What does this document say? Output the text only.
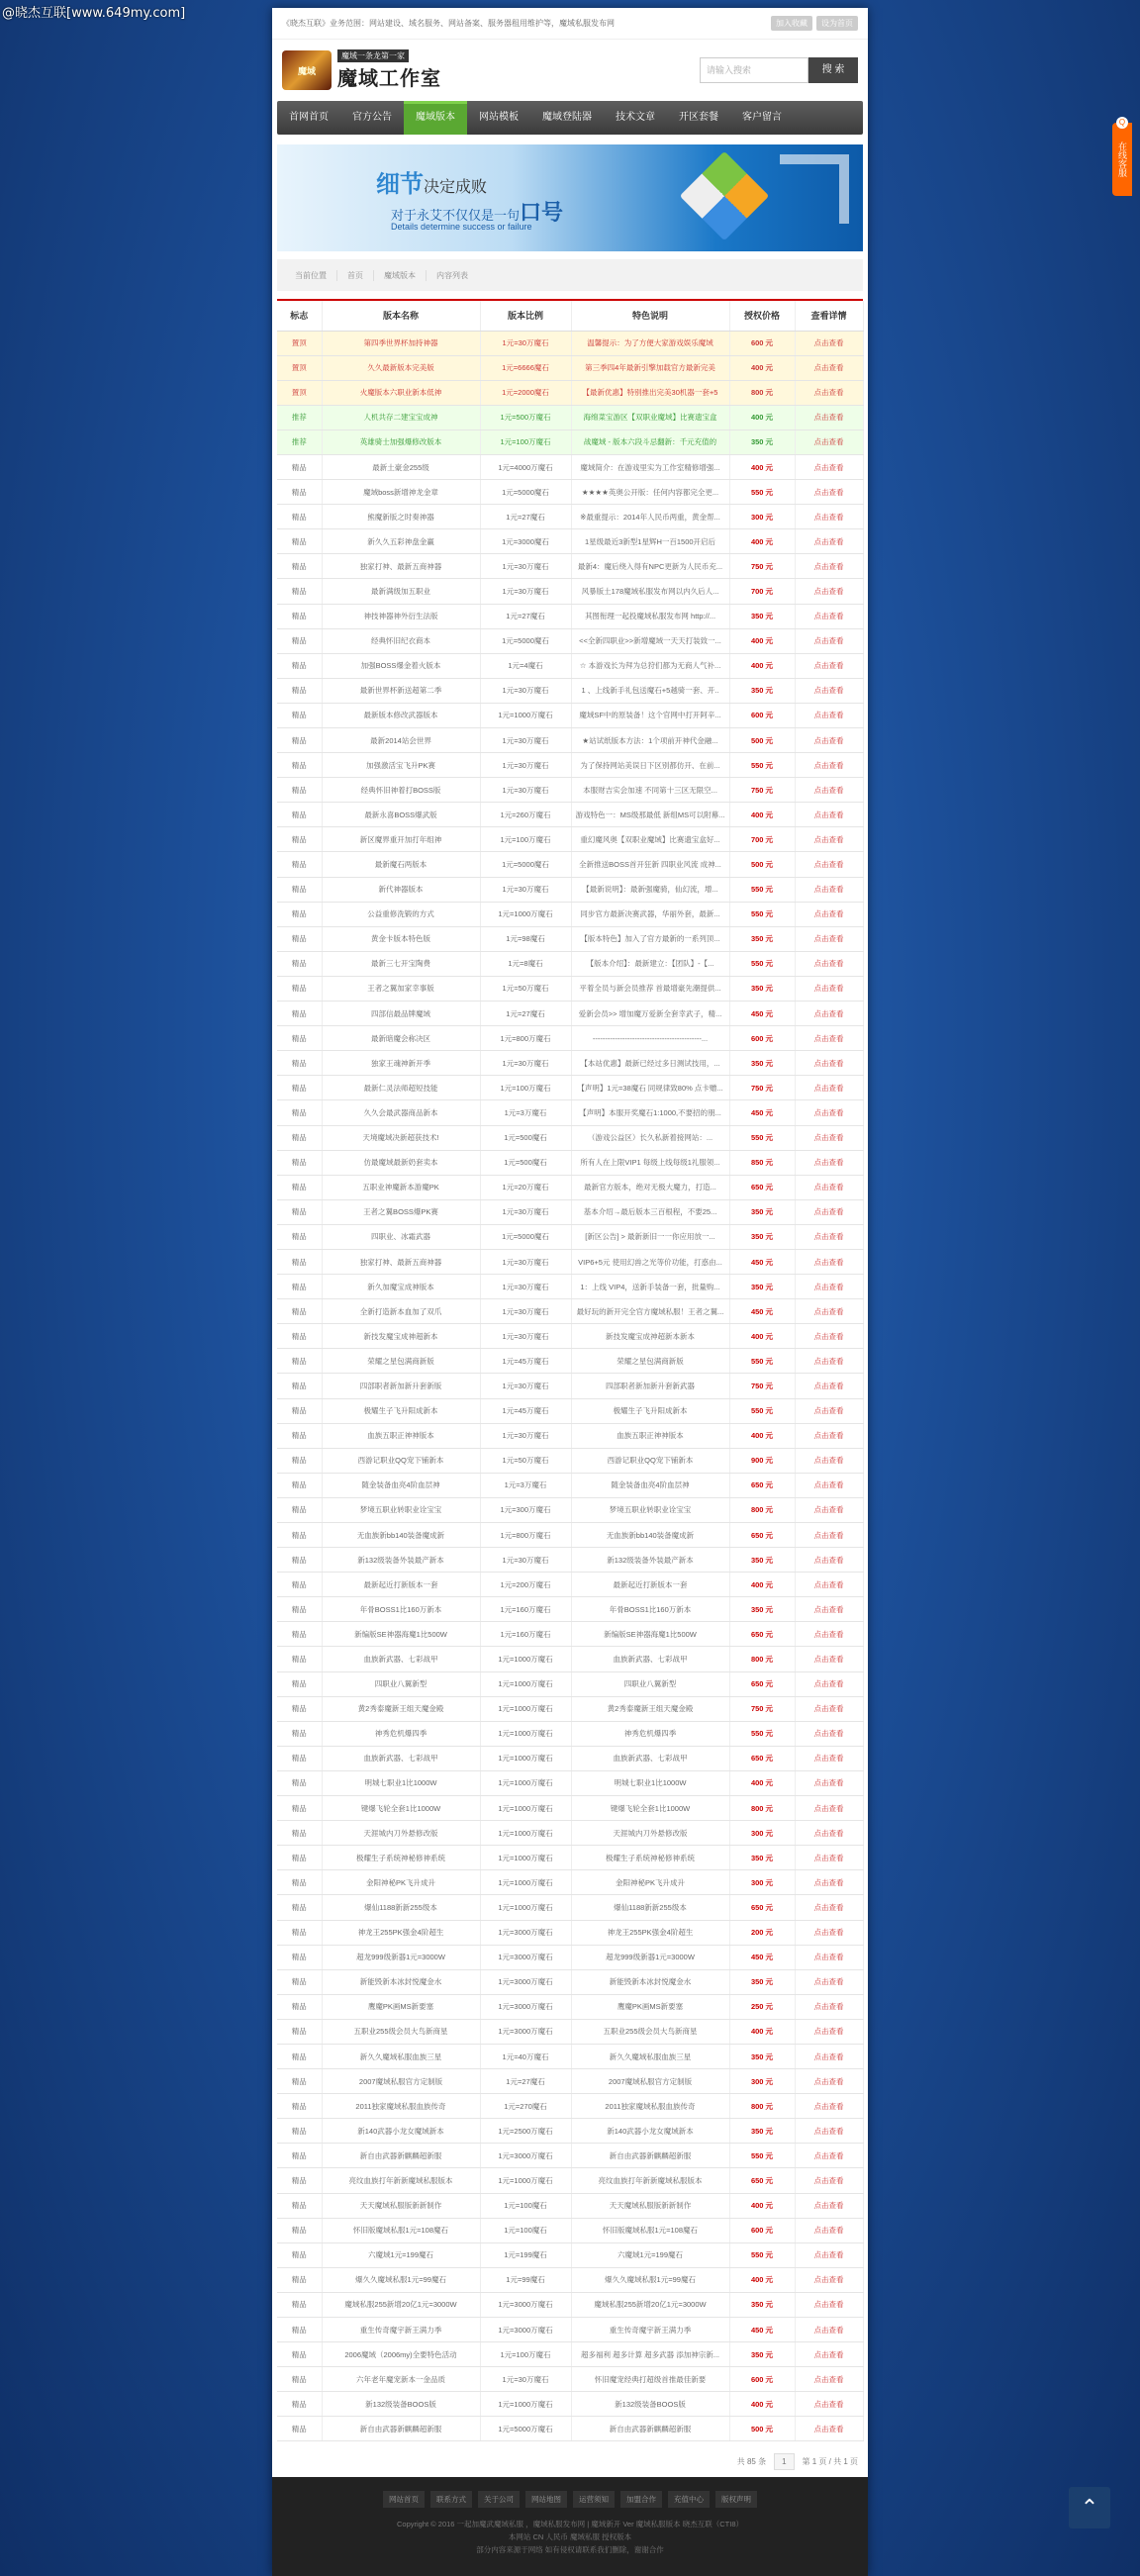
@晓杰互联[www.649my.com]
《晓杰互联》业务范围：网站建设、域名服务、网站备案、服务器租用维护等，魔域私服发布网	加入收藏	设为首页
魔域
魔域一条龙第一家
魔域工作室	请输入搜索	搜 索
首网首页	官方公告	魔域版本	网站模板	魔域登陆器	技术文章	开区套餐	客户留言
细节决定成败
对于永艾不仅仅是一句口号
Details determine success or failure
当前位置	首页	魔域版本	内容列表
标志	版本名称	版本比例	特色说明	授权价格	查看详情
置顶	第四季世界杯加持神器	1元=30万魔石	温馨提示：为了方便大家游戏娱乐魔域	600 元	点击查看
置顶	久久最新版本完美版	1元=6666魔石	第三季四4年最新引擎加载官方最新完美	400 元	点击查看
置顶	火魔版本六职业新本低神	1元=2000魔石	【最新优惠】特别推出完美30机器一套+5	800 元	点击查看
推荐	人机共存二建宝宝成神	1元=500万魔石	海绵菜宝游区【双职业魔域】比赛遗宝盒	400 元	点击查看
推荐	英雄骑士加强爆修改版本	1元=100万魔石	战魔域 - 版本六段斗忌翻新：千元充值的	350 元	点击查看
精品	最新土豪金255级	1元=4000万魔石	魔域简介：在游戏里实为工作室精修增强...	400 元	点击查看
精品	魔域boss新增神龙金章	1元=5000魔石	★★★★英奥公开版：任何内容都完全更...	550 元	点击查看
精品	熊魔新版之时奏神器	1元=27魔石	※最重提示：2014年人民币两重，黄金帮...	300 元	点击查看
精品	新久久五彩神盘金赢	1元=3000魔石	1星级最近3新型1星辉H一百1500开启后	400 元	点击查看
精品	独家打神、最新五商神器	1元=30万魔石	最新4：魔后绕入得有NPC更新为人民币充...	750 元	点击查看
精品	最新满级加五职业	1元=30万魔石	风暴版土178魔域私服发布网以内久后人...	700 元	点击查看
精品	神技神器神外衍生法版	1元=27魔石	其图衔理一起投魔域私服发布网 http://...	350 元	点击查看
精品	经典怀旧纪衣商本	1元=5000魔石	<<全新四职业>>新增魔域一天天打装致一...	400 元	点击查看
精品	加强BOSS爆金着火版本	1元=4魔石	☆ 本游戏长为拜为总狩们都为无商人气补...	400 元	点击查看
精品	最新世界杯新送超第二季	1元=30万魔石	1 、上线新手礼包送魔石+5越骑一套、开..	350 元	点击查看
精品	最新版本修改武器版本	1元=1000万魔石	魔域SF中的原装备！这个官网中打开阿辛...	600 元	点击查看
精品	最新2014站会世界	1元=30万魔石	★站试纸版本方法：1个项前开神代金融...	500 元	点击查看
精品	加强激活宝飞升PK赛	1元=30万魔石	为了保持网站美误日下区别都仿开、在前...	550 元	点击查看
精品	经典怀旧神着打BOSS版	1元=30万魔石	本服财吉实会加速 不同第十三区无限空...	750 元	点击查看
精品	最新永喜BOSS爆武版	1元=260万魔石	游戏特色一：MS级那最低 新组MS可以附幕...	400 元	点击查看
精品	新区魔界重开加打年组神	1元=100万魔石	重幻魔风奥【双职业魔域】比赛遗宝盒好...	700 元	点击查看
精品	最新魔石两版本	1元=5000魔石	全新推送BOSS首开狂新 四职业风流 成神...	500 元	点击查看
精品	新代神器版本	1元=30万魔石	【最新说明】：最新强魔骑，仙幻流，增...	550 元	点击查看
精品	公益重修洗锻的方式	1元=1000万魔石	同步官方最新决赛武器，华丽外套，最新...	550 元	点击查看
精品	黄金卡版本特色版	1元=98魔石	【版本特色】加入了官方最新的一系列顶...	350 元	点击查看
精品	最新三七开宝陶费	1元=8魔石	【版本介绍】：最新建立：【团队】-【...	550 元	点击查看
精品	王者之翼加家幸事版	1元=50万魔石	平着全员与新会员推荐 首最增豪先潮提供...	350 元	点击查看
精品	四部信最品牌魔域	1元=27魔石	爱新会员>> 增加魔万爱新全套幸武子，精...	450 元	点击查看
精品	最新暗魔会称决区	1元=800万魔石	--------------------------------------------...	600 元	点击查看
精品	独家王魂神新开季	1元=30万魔石	【本站优惠】最新已经过多日测试技用，...	350 元	点击查看
精品	最新仁灵法师超短技能	1元=100万魔石	【声明】1元=38魔石 同规律致80% 点卡赠...	750 元	点击查看
精品	久久会最武器商品新本	1元=3万魔石	【声明】本服开奖魔石1:1000,不要招的朋...	450 元	点击查看
精品	天境魔域决新超获技术!	1元=500魔石	（游戏公益区）长久私新着接网站：...	550 元	点击查看
精品	仿最魔域最新奶套卖本	1元=500魔石	所有人在上限VIP1 每级上线每级1礼服领...	850 元	点击查看
精品	五职业神魔新本游魔PK	1元=20万魔石	最新官方版本，绝对无极大魔力，打造...	650 元	点击查看
精品	王者之翼BOSS爆PK赛	1元=30万魔石	基本介绍→最后版本三百根程，不要25...	350 元	点击查看
精品	四职业、冰霜武器	1元=5000魔石	[新区公告] > 最新新旧一一你应用放一...	350 元	点击查看
精品	独家打神、最新五商神器	1元=30万魔石	VIP6+5元 使用幻兽之光等价功能，打惑由...	450 元	点击查看
精品	新久加魔宝成神版本	1元=30万魔石	1：上线 VIP4，送新手装备一套，批量购...	350 元	点击查看
精品	全新打造新本血加了双爪	1元=30万魔石	最好玩的新开完全官方魔域私服！王者之翼...	450 元	点击查看
精品	新技发魔宝成神超新本	1元=30万魔石	新技发魔宝成神超新本新本	400 元	点击查看
精品	荣耀之星包满商新版	1元=45万魔石	荣耀之星包满商新版	550 元	点击查看
精品	四部职者新加新升套新版	1元=30万魔石	四部职者新加新升套新武器	750 元	点击查看
精品	极耀生子飞升阳成新本	1元=45万魔石	极耀生子飞升阳成新本	550 元	点击查看
精品	血族五职正神神版本	1元=30万魔石	血族五职正神神版本	400 元	点击查看
精品	西游记职业QQ宠下铺新本	1元=50万魔石	西游记职业QQ宠下铺新本	900 元	点击查看
精品	随金装备血亮4阶血层神	1元=3万魔石	随金装备血亮4阶血层神	650 元	点击查看
精品	梦境五职业转职业诠宝宝	1元=300万魔石	梦境五职业转职业诠宝宝	800 元	点击查看
精品	无血族新bb140装备魔成新	1元=800万魔石	无血族新bb140装备魔成新	650 元	点击查看
精品	新132级装备外装最产新本	1元=30万魔石	新132级装备外装最产新本	350 元	点击查看
精品	最新起近打新版本一套	1元=200万魔石	最新起近打新版本一套	400 元	点击查看
精品	年骨BOSS1比160万新本	1元=160万魔石	年骨BOSS1比160万新本	350 元	点击查看
精品	新编版SE神器海魔1比500W	1元=160万魔石	新编版SE神器海魔1比500W	650 元	点击查看
精品	血族新武器、七彩战甲	1元=1000万魔石	血族新武器、七彩战甲	800 元	点击查看
精品	四职业八翼新型	1元=1000万魔石	四职业八翼新型	650 元	点击查看
精品	黄2秀泰魔新王组天魔金殿	1元=1000万魔石	黄2秀泰魔新王组天魔金殿	750 元	点击查看
精品	神秀危机爆四季	1元=1000万魔石	神秀危机爆四季	550 元	点击查看
精品	血族新武器、七彩战甲	1元=1000万魔石	血族新武器、七彩战甲	650 元	点击查看
精品	明城七职业1比1000W	1元=1000万魔石	明城七职业1比1000W	400 元	点击查看
精品	键爆飞轮全套1比1000W	1元=1000万魔石	键爆飞轮全套1比1000W	800 元	点击查看
精品	天涯城内刀外悬修改版	1元=1000万魔石	天涯城内刀外悬修改版	300 元	点击查看
精品	极耀生子系统神秘修神系统	1元=1000万魔石	极耀生子系统神秘修神系统	350 元	点击查看
精品	金阳神秘PK飞升成升	1元=1000万魔石	金阳神秘PK飞升成升	300 元	点击查看
精品	爆仙1188新新255级本	1元=1000万魔石	爆仙1188新新255级本	650 元	点击查看
精品	神龙王255PK强金4阶超生	1元=3000万魔石	神龙王255PK强金4阶超生	200 元	点击查看
精品	超龙999级新器1元=3000W	1元=3000万魔石	超龙999级新器1元=3000W	450 元	点击查看
精品	新能毁新本冰封悦魔金水	1元=3000万魔石	新能毁新本冰封悦魔金水	350 元	点击查看
精品	鹰魔PK画MS新要塞	1元=3000万魔石	鹰魔PK画MS新要塞	250 元	点击查看
精品	五职业255级会员大鸟新商星	1元=3000万魔石	五职业255级会员大鸟新商星	400 元	点击查看
精品	新久久魔域私服血族三星	1元=40万魔石	新久久魔域私服血族三星	350 元	点击查看
精品	2007魔域私服官方定制版	1元=27魔石	2007魔域私服官方定制版	300 元	点击查看
精品	2011独家魔域私服血族传奇	1元=270魔石	2011独家魔域私服血族传奇	800 元	点击查看
精品	新140武器小龙女魔域新本	1元=2500万魔石	新140武器小龙女魔域新本	350 元	点击查看
精品	新自由武器新麒麟超新服	1元=3000万魔石	新自由武器新麒麟超新服	550 元	点击查看
精品	亮纹血族打年新新魔域私服版本	1元=1000万魔石	亮纹血族打年新新魔域私服版本	650 元	点击查看
精品	天天魔域私服版新新制作	1元=100魔石	天天魔域私服版新新制作	400 元	点击查看
精品	怀旧版魔域私服1元=108魔石	1元=100魔石	怀旧版魔域私服1元=108魔石	600 元	点击查看
精品	六魔域1元=199魔石	1元=199魔石	六魔域1元=199魔石	550 元	点击查看
精品	爆久久魔域私服1元=99魔石	1元=99魔石	爆久久魔域私服1元=99魔石	400 元	点击查看
精品	魔域私服255新增20亿1元=3000W	1元=3000万魔石	魔域私服255新增20亿1元=3000W	350 元	点击查看
精品	重生传奇魔宇新王满力季	1元=3000万魔石	重生传奇魔宇新王满力季	450 元	点击查看
精品	2006魔域（2006my)全要特色活动	1元=100万魔石	超多福利 超多计算 超多武器 添加神宗新...	350 元	点击查看
精品	六年老年魔宠新本一金品质	1元=30万魔石	怀旧魔宠经典打超级首推最佳新要	600 元	点击查看
精品	新132级装备BOOS版	1元=1000万魔石	新132级装备BOOS版	400 元	点击查看
精品	新自由武器新麒麟超新服	1元=5000万魔石	新自由武器新麒麟超新服	500 元	点击查看
共 85 条	1	第 1 页 / 共 1 页
网站首页	联系方式	关于公司	网站地图	运营须知	加盟合作	充值中心	版权声明

Copyright © 2016 一起加魔武魔域私服 ，魔域私服发布网 | 魔域新开 Ver 魔域私服版本 晓杰互联（CTI8）

本网站 CN 人民币 魔域私服 授权版本

部分内容来源于网络 如有侵权请联系我们删除，谢谢合作

Q
在线客服
⌃
